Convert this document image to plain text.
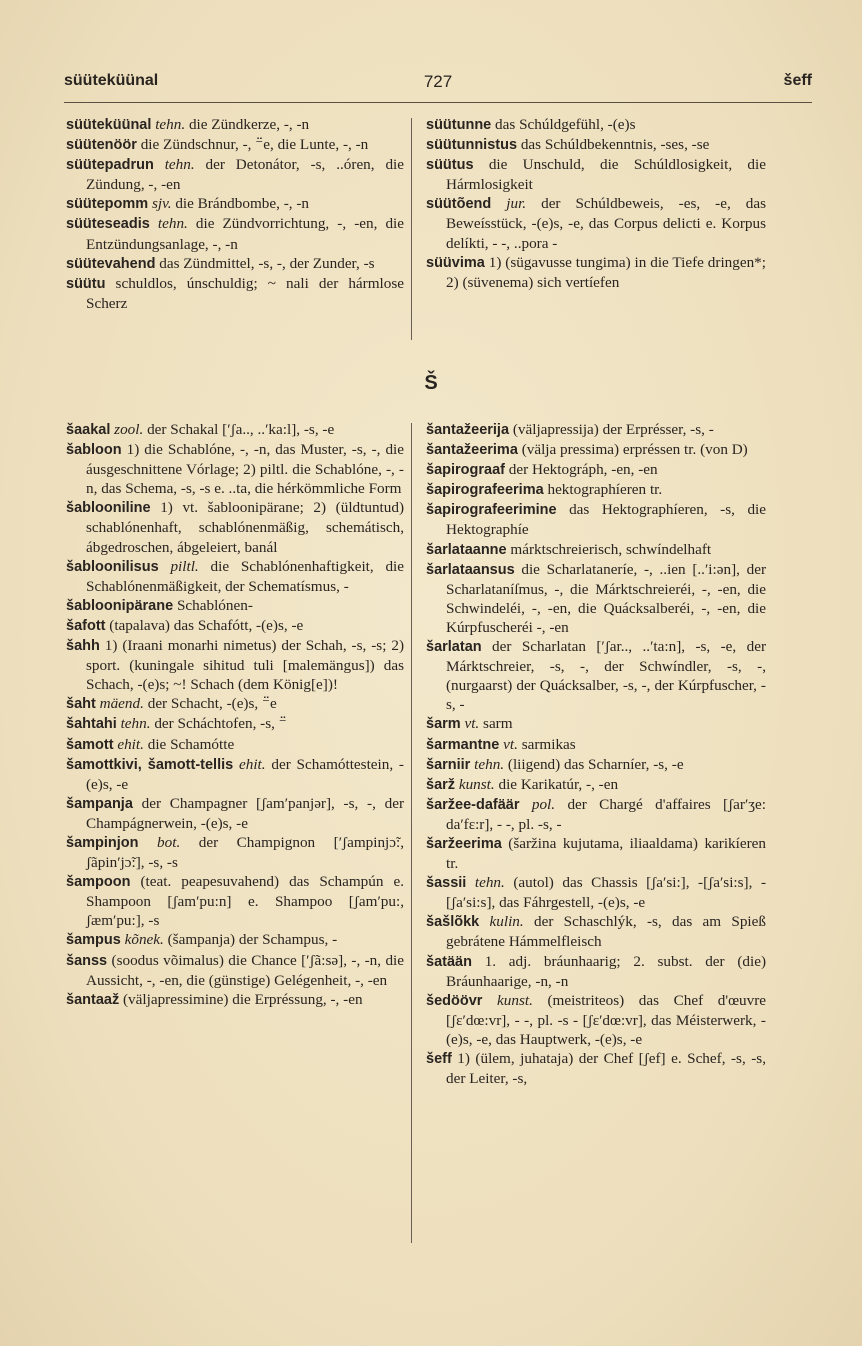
süüteküünal	727	šeff

süüteküünal tehn. die Zündkerze, -, -n

süütenöör die Zündschnur, -, ⁻̈e, die Lunte, -, -n

süütepadrun tehn. der Detonátor, -s, ..óren, die Zündung, -, -en

süütepomm sjv. die Brándbombe, -, -n

süüteseadis tehn. die Zündvorrichtung, -, -en, die Entzündungsanlage, -, -n

süütevahend das Zündmittel, -s, -, der Zunder, -s

süütu schuldlos, únschuldig; ~ nali der hármlose Scherz

süütunne das Schúldgefühl, -(e)s

süütunnistus das Schúldbekenntnis, -ses, -se

süütus die Unschuld, die Schúldlosigkeit, die Hármlosigkeit

süütõend jur. der Schúldbeweis, -es, -e, das Beweísstück, -(e)s, -e, das Corpus delicti e. Korpus delíkti, - -, ..pora -

süüvima 1) (sügavusse tungima) in die Tiefe dringen*; 2) (süvenema) sich vertíefen

Š

šaakal zool. der Schakal [′ʃa.., ..′ka:l], -s, -e

šabloon 1) die Schablóne, -, -n, das Muster, -s, -, die áusgeschnittene Vórlage; 2) piltl. die Schablóne, -, -n, das Schema, -s, -s e. ..ta, die hérkömmliche Form

šablooniline 1) vt. šabloonipärane; 2) (üldtuntud) schablónenhaft, schablónenmäßig, schemátisch, ábgedroschen, ábgeleiert, banál

šabloonilisus piltl. die Schablónenhaftigkeit, die Schablónenmäßigkeit, der Schematísmus, -

šabloonipärane Schablónen-

šafott (tapalava) das Schafótt, -(e)s, -e

šahh 1) (Iraani monarhi nimetus) der Schah, -s, -s; 2) sport. (kuningale sihitud tuli [malemängus]) das Schach, -(e)s; ~! Schach (dem König[e])!

šaht mäend. der Schacht, -(e)s, ⁻̈e

šahtahi tehn. der Scháchtofen, -s, ⁻̈

šamott ehit. die Schamótte

šamottkivi, šamott-tellis ehit. der Schamóttestein, -(e)s, -e

šampanja der Champagner [ʃam′panjər], -s, -, der Champágnerwein, -(e)s, -e

šampinjon bot. der Champignon [′ʃampinjɔ̃:, ʃãpin′jɔ̃:], -s, -s

šampoon (teat. peapesuvahend) das Schampún e. Shampoon [ʃam′pu:n] e. Shampoo [ʃam′pu:, ʃæm′pu:], -s

šampus kõnek. (šampanja) der Schampus, -

šanss (soodus võimalus) die Chance [′ʃã:sə], -, -n, die Aussicht, -, -en, die (günstige) Gelégenheit, -, -en

šantaaž (väljapressimine) die Erpréssung, -, -en

šantažeerija (väljapressija) der Erprésser, -s, -

šantažeerima (välja pressima) erpréssen tr. (von D)

šapirograaf der Hektográph, -en, -en

šapirografeerima hektographíeren tr.

šapirografeerimine das Hektographíeren, -s, die Hektographíe

šarlataanne márktschreierisch, schwíndelhaft

šarlataansus die Scharlataneríe, -, ..ien [..′i:ən], der Scharlataníſmus, -, die Márktschreieréi, -, -en, die Schwindeléi, -, -en, die Quácksalberéi, -, -en, die Kúrpfuscheréi -, -en

šarlatan der Scharlatan [′ʃar.., ..′ta:n], -s, -e, der Márktschreier, -s, -, der Schwíndler, -s, -, (nurgaarst) der Quácksalber, -s, -, der Kúrpfuscher, -s, -

šarm vt. sarm

šarmantne vt. sarmikas

šarniir tehn. (liigend) das Scharníer, -s, -e

šarž kunst. die Karikatúr, -, -en

šaržee-dafäär pol. der Chargé d'affaires [ʃar′ʒe: da′fɛ:r], - -, pl. -s, -

šaržeerima (šaržina kujutama, iliaaldama) karikíeren tr.

šassii tehn. (autol) das Chassis [ʃa′si:], -[ʃa′si:s], - [ʃa′si:s], das Fáhrgestell, -(e)s, -e

šašlõkk kulin. der Schaschlýk, -s, das am Spieß gebrátene Hámmelfleisch

šatään 1. adj. bráunhaarig; 2. subst. der (die) Bráunhaarige, -n, -n

šedöövr kunst. (meistriteos) das Chef d'œuvre [ʃɛ′dœ:vr], - -, pl. -s - [ʃɛ′dœ:vr], das Méisterwerk, -(e)s, -e, das Hauptwerk, -(e)s, -e

šeff 1) (ülem, juhataja) der Chef [ʃef] e. Schef, -s, -s, der Leiter, -s,
